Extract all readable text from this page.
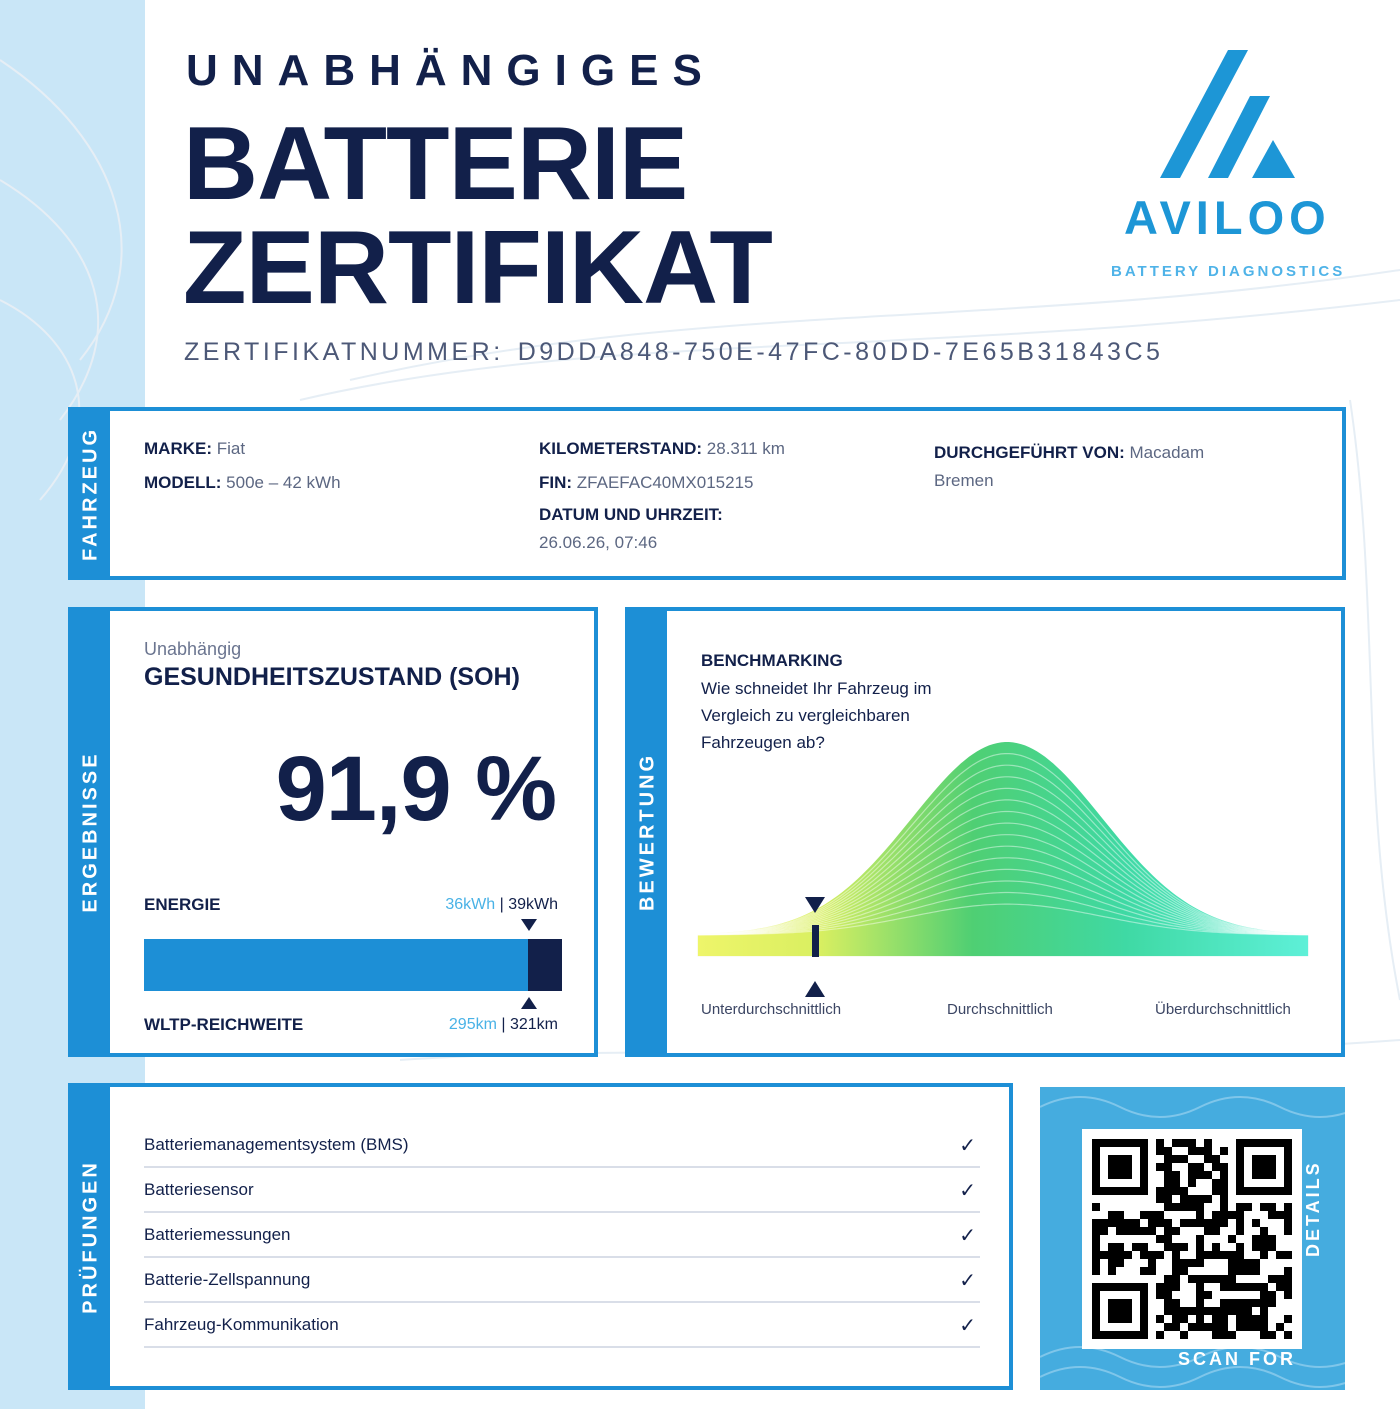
UNABHÄNGIGES
BATTERIE
ZERTIFIKAT
ZERTIFIKATNUMMER: D9DDA848-750E-47FC-80DD-7E65B31843C5
AVILOO
BATTERY DIAGNOSTICS
FAHRZEUG	MARKE: Fiat
MODELL: 500e – 42 kWh
KILOMETERSTAND: 28.311 km
FIN: ZFAEFAC40MX015215
DATUM UND UHRZEIT:
26.06.26, 07:46
DURCHGEFÜHRT VON: Macadam
Bremen
ERGEBNISSE
Unabhängig
GESUNDHEITSZUSTAND (SOH)
91,9 %
ENERGIE	36kWh | 39kWh
WLTP-REICHWEITE	295km | 321km
BEWERTUNG
BENCHMARKING
Wie schneidet Ihr Fahrzeug im Vergleich zu vergleichbaren Fahrzeugen ab?
Unterdurchschnittlich	Durchschnittlich	Überdurchschnittlich
PRÜFUNGEN
Batteriemanagementsystem (BMS)	✓
Batteriesensor	✓
Batteriemessungen	✓
Batterie-Zellspannung	✓
Fahrzeug-Kommunikation	✓
SCAN FOR
DETAILS
